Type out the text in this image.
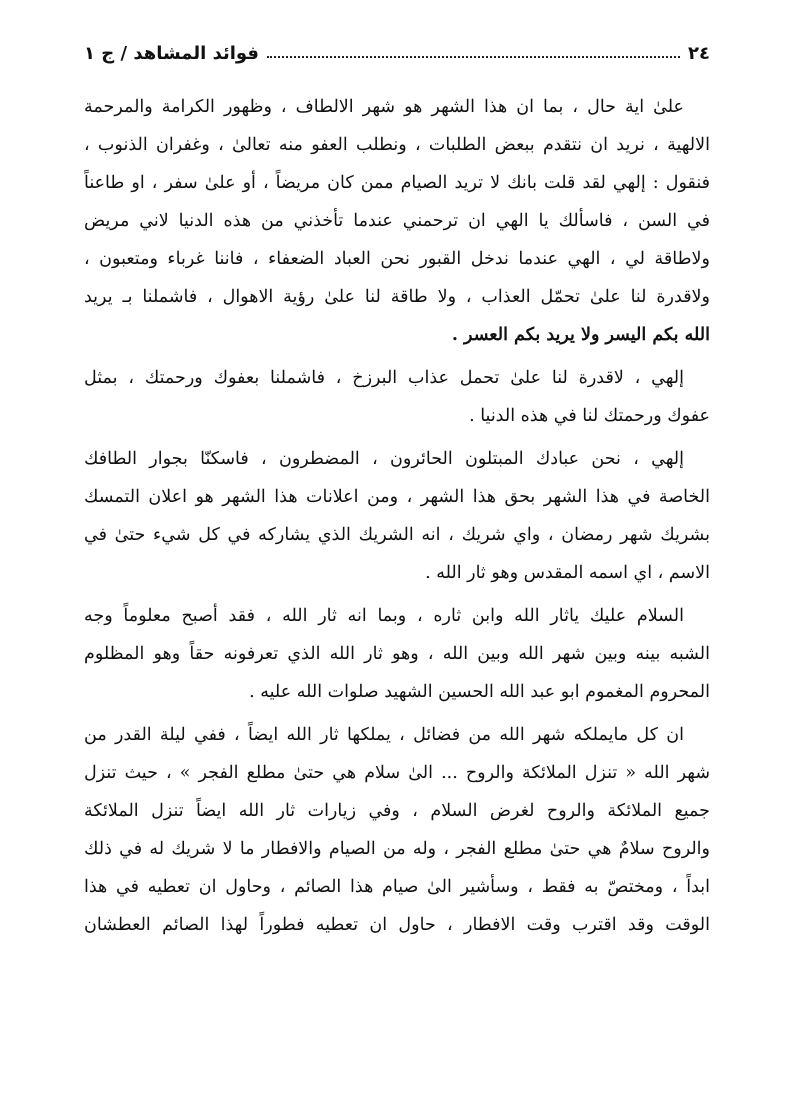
٢٤
فوائد المشاهد / ج ١
علىٰ اية حال ، بما ان هذا الشهر هو شهر الالطاف ، وظهور الكرامة والمرحمة
الالهية ، نريد ان نتقدم ببعض الطلبات ، ونطلب العفو منه تعالىٰ ، وغفران الذنوب ،
فنقول : إلهي لقد قلت بانك لا تريد الصيام ممن كان مريضاً ، أو علىٰ سفر ، او طاعناً
في السن ، فاسألك يا الهي ان ترحمني عندما تأخذني من هذه الدنيا لاني مريض
ولاطاقة لي ، الهي عندما ندخل القبور نحن العباد الضعفاء ، فاننا غرباء ومتعبون ،
ولاقدرة لنا علىٰ تحمّل العذاب ، ولا طاقة لنا علىٰ رؤية الاهوال ، فاشملنا بـ يريد
الله بكم اليسر ولا يريد بكم العسر .
إلهي ، لاقدرة لنا علىٰ تحمل عذاب البرزخ ، فاشملنا بعفوك ورحمتك ، بمثل
عفوك ورحمتك لنا في هذه الدنيا .
إلهي ، نحن عبادك المبتلون الحائرون ، المضطرون ، فاسكنّا بجوار الطافك
الخاصة في هذا الشهر بحق هذا الشهر ، ومن اعلانات هذا الشهر هو اعلان التمسك
بشريك شهر رمضان ، واي شريك ، انه الشريك الذي يشاركه في كل شيء حتىٰ في
الاسم ، اي اسمه المقدس وهو ثار الله .
السلام عليك ياثار الله وابن ثاره ، وبما انه ثار الله ، فقد أصبح معلوماً وجه
الشبه بينه وبين شهر الله وبين الله ، وهو ثار الله الذي تعرفونه حقاً وهو المظلوم
المحروم المغموم ابو عبد الله الحسين الشهيد صلوات الله عليه .
ان كل مايملكه شهر الله من فضائل ، يملكها ثار الله ايضاً ، ففي ليلة القدر من
شهر الله « تنزل الملائكة والروح ... الىٰ سلام هي حتىٰ مطلع الفجر » ، حيث تنزل
جميع الملائكة والروح لغرض السلام ، وفي زيارات ثار الله ايضاً تنزل الملائكة
والروح سلامٌ هي حتىٰ مطلع الفجر ، وله من الصيام والافطار ما لا شريك له في ذلك
ابداً ، ومختصّ به فقط ، وسأشير الىٰ صيام هذا الصائم ، وحاول ان تعطيه في هذا
الوقت وقد اقترب وقت الافطار ، حاول ان تعطيه فطوراً لهذا الصائم العطشان
